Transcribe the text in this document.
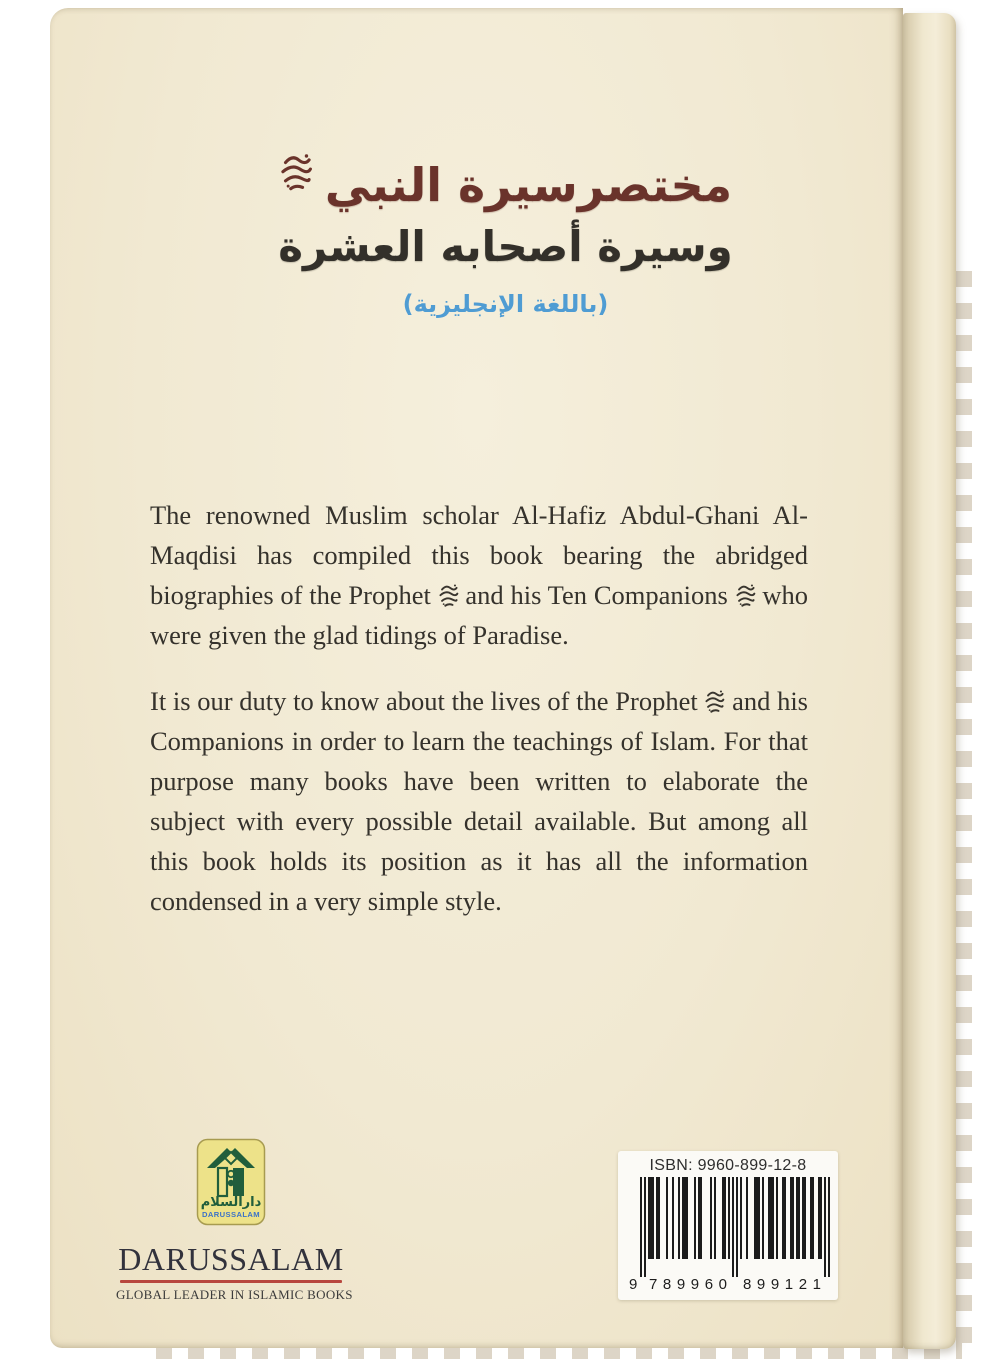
مختصرسيرة النبي
وسيرة أصحابه العشرة
(باللغة الإنجليزية)

The renowned Muslim scholar Al-Hafiz Abdul-Ghani Al-Maqdisi has compiled this book bearing the abridged biographies of the Prophet and his Ten Companions who were given the glad tidings of Paradise.

It is our duty to know about the lives of the Prophet and his Companions in order to learn the teachings of Islam. For that purpose many books have been written to elaborate the subject with every possible detail available. But among all this book holds its position as it has all the information condensed in a very simple style.

دارالسلام
DARUSSALAM
DARUSSALAM
GLOBAL LEADER IN ISLAMIC BOOKS
ISBN: 9960-899-12-8
9 789960 899121
